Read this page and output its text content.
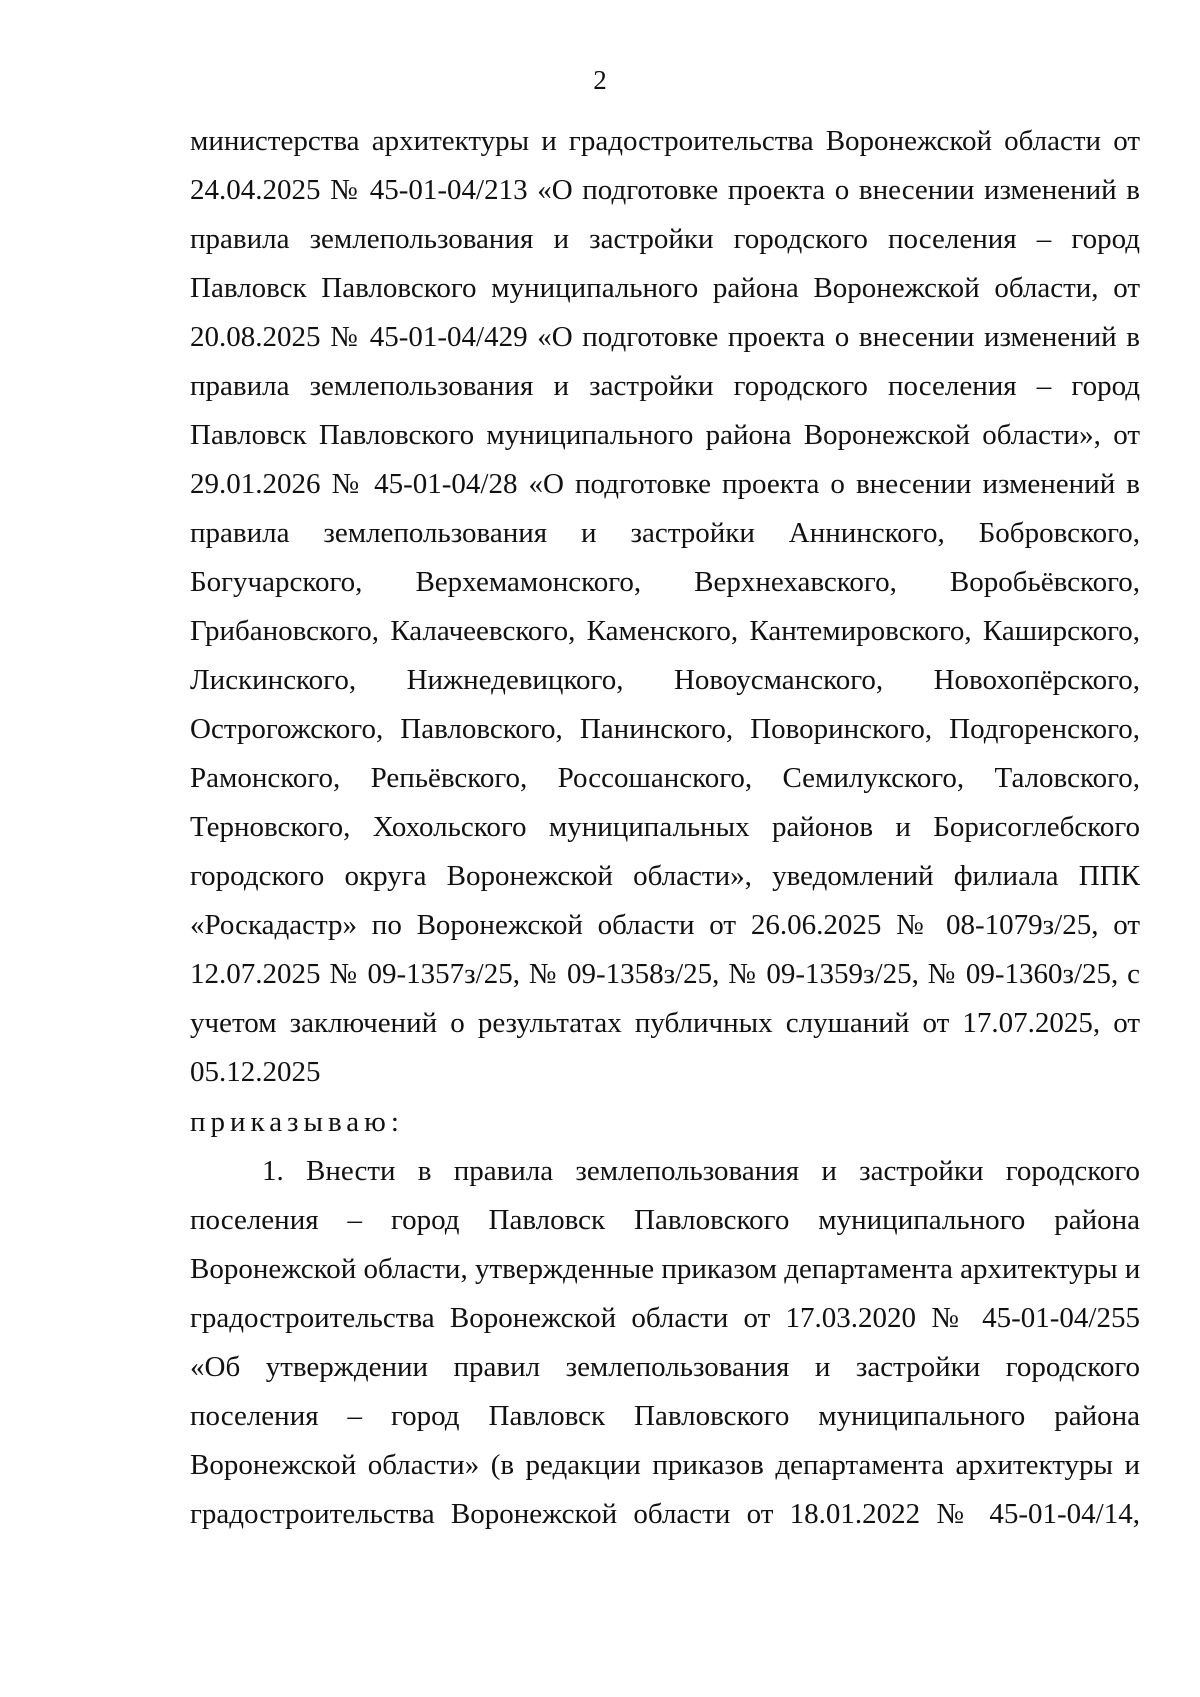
2
министерства архитектуры и градостроительства Воронежской области от
24.04.2025 № 45-01-04/213 «О подготовке проекта о внесении изменений в
правила землепользования и застройки городского поселения – город
Павловск Павловского муниципального района Воронежской области, от
20.08.2025 № 45-01-04/429 «О подготовке проекта о внесении изменений в
правила землепользования и застройки городского поселения – город
Павловск Павловского муниципального района Воронежской области», от
29.01.2026 № 45-01-04/28 «О подготовке проекта о внесении изменений в
правила землепользования и застройки Аннинского, Бобровского,
Богучарского, Верхемамонского, Верхнехавского, Воробьёвского,
Грибановского, Калачеевского, Каменского, Кантемировского, Каширского,
Лискинского, Нижнедевицкого, Новоусманского, Новохопёрского,
Острогожского, Павловского, Панинского, Поворинского, Подгоренского,
Рамонского, Репьёвского, Россошанского, Семилукского, Таловского,
Терновского, Хохольского муниципальных районов и Борисоглебского
городского округа Воронежской области», уведомлений филиала ППК
«Роскадастр» по Воронежской области от 26.06.2025 № 08-1079з/25, от
12.07.2025 № 09-1357з/25, № 09-1358з/25, № 09-1359з/25, № 09-1360з/25, с
учетом заключений о результатах публичных слушаний от 17.07.2025, от
05.12.2025
приказываю:
1. Внести в правила землепользования и застройки городского
поселения – город Павловск Павловского муниципального района
Воронежской области, утвержденные приказом департамента архитектуры и
градостроительства Воронежской области от 17.03.2020 № 45-01-04/255
«Об утверждении правил землепользования и застройки городского
поселения – город Павловск Павловского муниципального района
Воронежской области» (в редакции приказов департамента архитектуры и
градостроительства Воронежской области от 18.01.2022 № 45-01-04/14,
